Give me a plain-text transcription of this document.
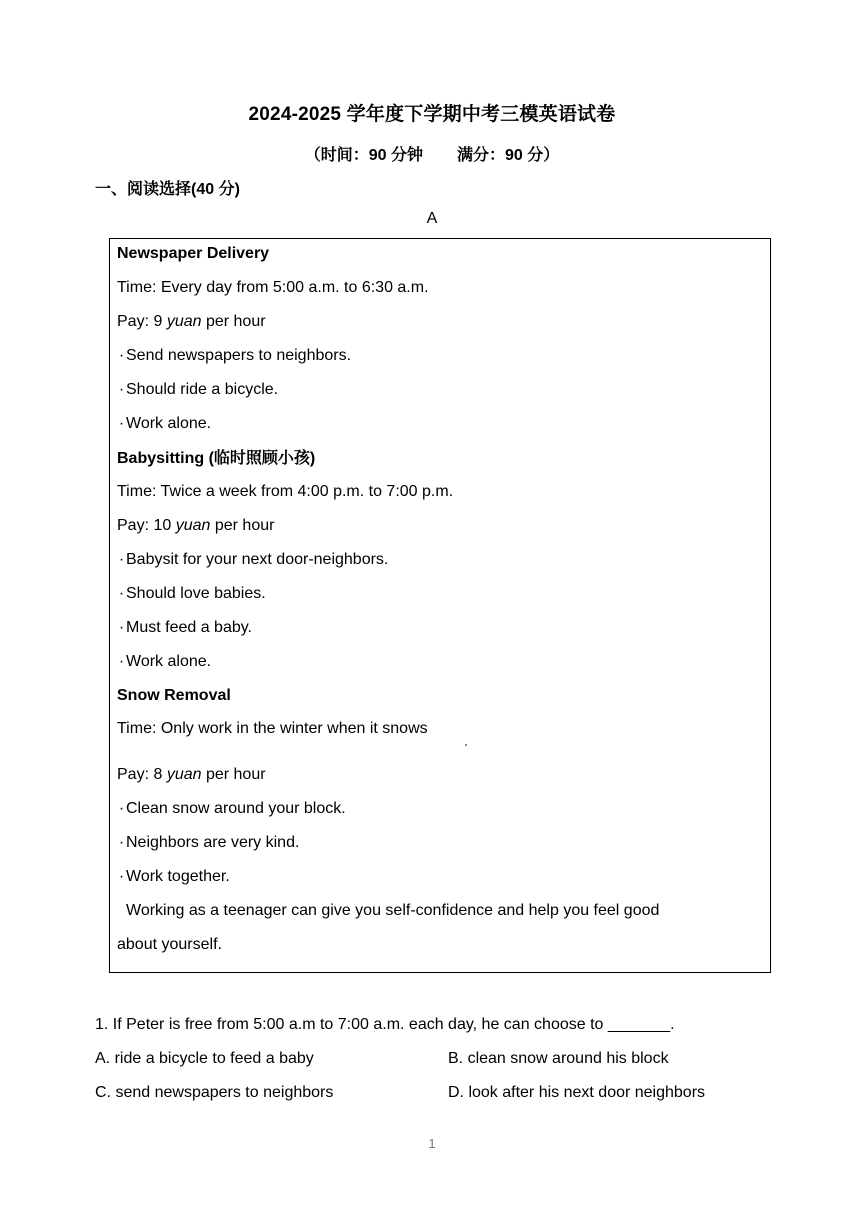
2024-2025 学年度下学期中考三模英语试卷
（时间：90 分钟 满分：90 分）
一、阅读选择(40 分)
A
Newspaper Delivery
Time: Every day from 5:00 a.m. to 6:30 a.m.
Pay: 9 yuan per hour
· Send newspapers to neighbors.
· Should ride a bicycle.
· Work alone.
Babysitting (临时照顾小孩)
Time: Twice a week from 4:00 p.m. to 7:00 p.m.
Pay: 10 yuan per hour
· Babysit for your next door-neighbors.
· Should love babies.
· Must feed a baby.
· Work alone.
Snow Removal
Time: Only work in the winter when it snows
Pay: 8 yuan per hour
· Clean snow around your block.
· Neighbors are very kind.
· Work together.
Working as a teenager can give you self-confidence and help you feel good
about yourself.
1. If Peter is free from 5:00 a.m to 7:00 a.m. each day, he can choose to _______.
A. ride a bicycle to feed a baby	B. clean snow around his block
C. send newspapers to neighbors	D. look after his next door neighbors
1
